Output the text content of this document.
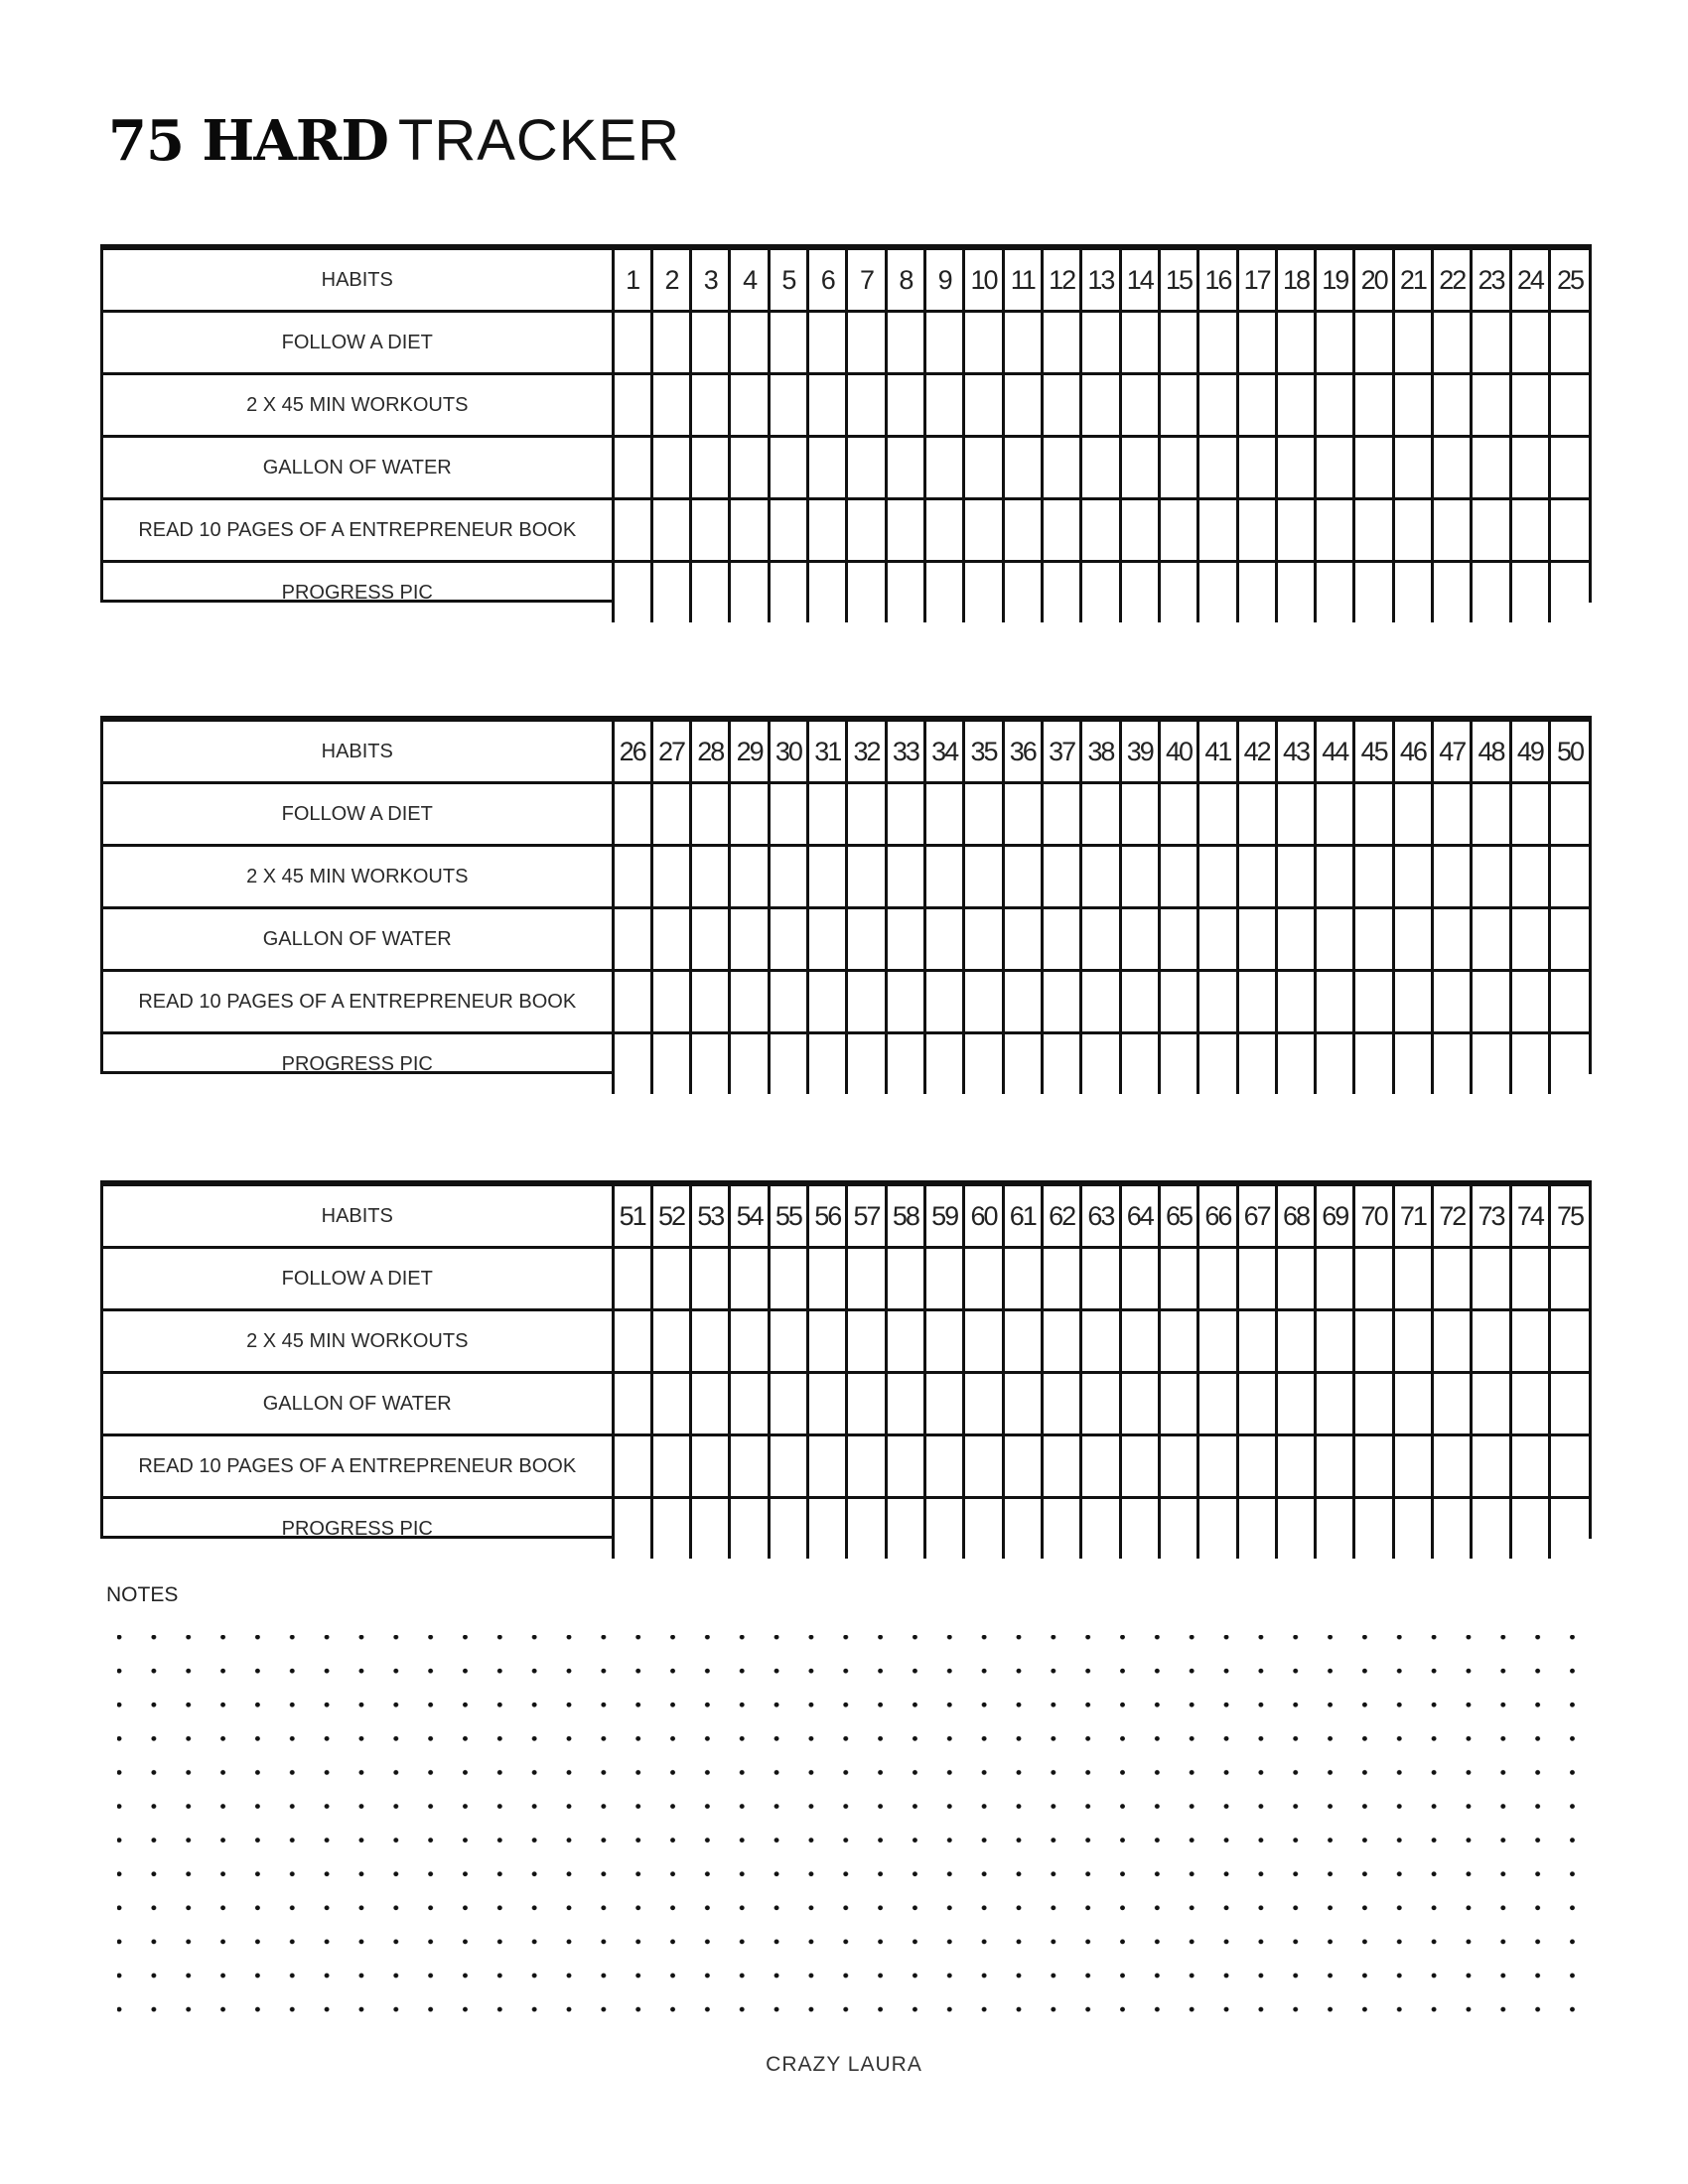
75 HARD TRACKER
HABITS	1	2	3	4	5	6	7	8	9	10	11	12	13	14	15	16	17	18	19	20	21	22	23	24	25
FOLLOW A DIET																									
2 X 45 MIN WORKOUTS																									
GALLON OF WATER																									
READ 10 PAGES OF A ENTREPRENEUR BOOK																									
PROGRESS PIC																									
HABITS	26	27	28	29	30	31	32	33	34	35	36	37	38	39	40	41	42	43	44	45	46	47	48	49	50
FOLLOW A DIET																									
2 X 45 MIN WORKOUTS																									
GALLON OF WATER																									
READ 10 PAGES OF A ENTREPRENEUR BOOK																									
PROGRESS PIC																									
HABITS	51	52	53	54	55	56	57	58	59	60	61	62	63	64	65	66	67	68	69	70	71	72	73	74	75
FOLLOW A DIET																									
2 X 45 MIN WORKOUTS																									
GALLON OF WATER																									
READ 10 PAGES OF A ENTREPRENEUR BOOK																									
PROGRESS PIC																									
NOTES
CRAZY LAURA
